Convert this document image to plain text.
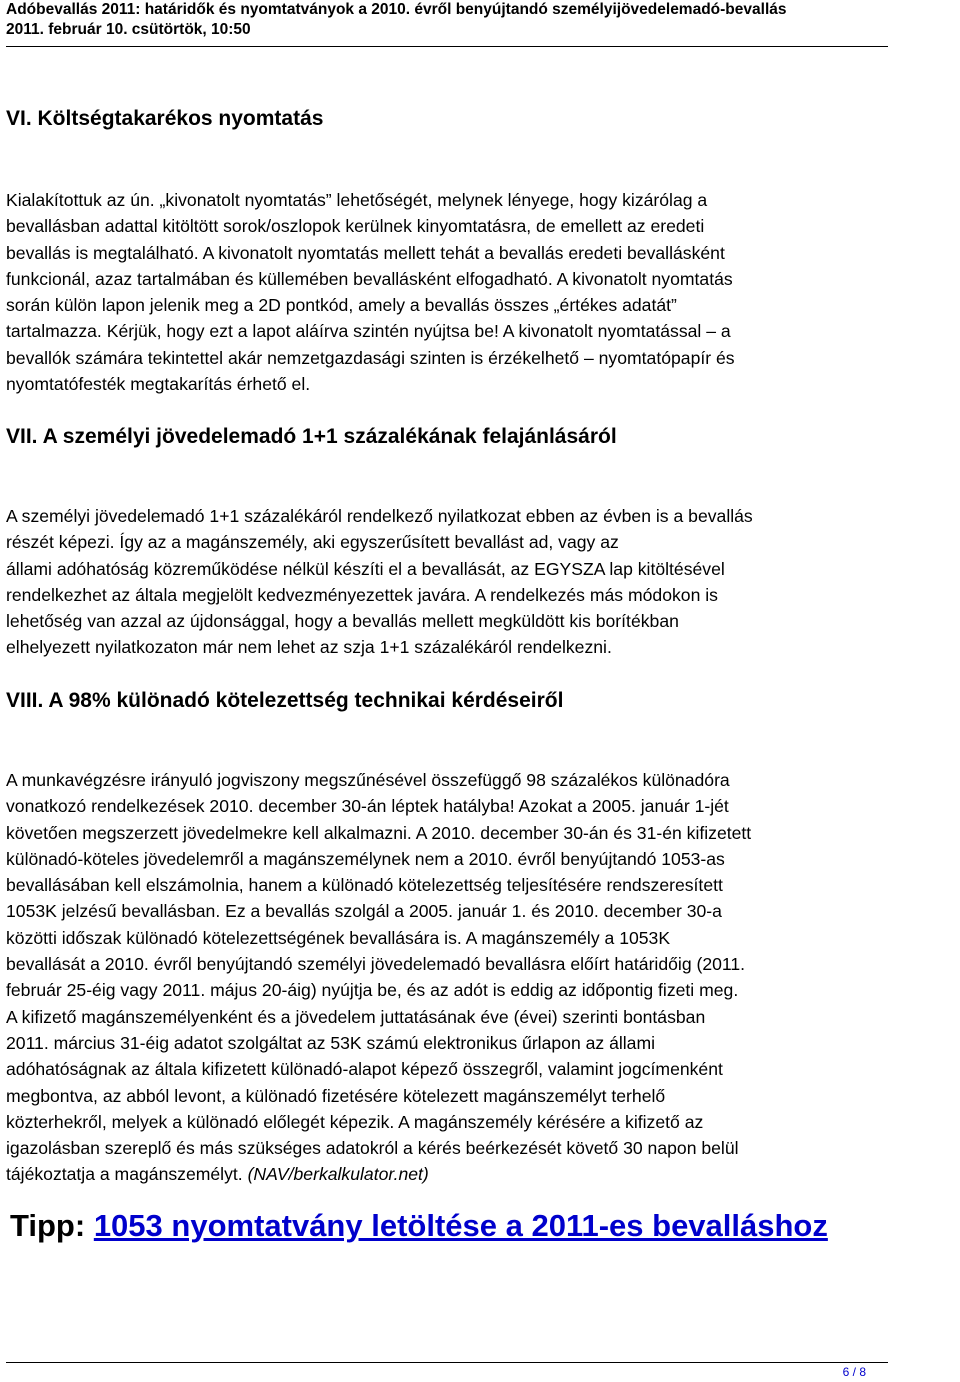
Adóbevallás 2011: határidők és nyomtatványok a 2010. évről benyújtandó személyijövedelemadó-bevallás
2011. február 10. csütörtök, 10:50
VI. Költségtakarékos nyomtatás
Kialakítottuk az ún. „kivonatolt nyomtatás” lehetőségét, melynek lényege, hogy kizárólag a
bevallásban adattal kitöltött sorok/oszlopok kerülnek kinyomtatásra, de emellett az eredeti
bevallás is megtalálható. A kivonatolt nyomtatás mellett tehát a bevallás eredeti bevallásként
funkcionál, azaz tartalmában és küllemében bevallásként elfogadható. A kivonatolt nyomtatás
során külön lapon jelenik meg a 2D pontkód, amely a bevallás összes „értékes adatát”
tartalmazza. Kérjük, hogy ezt a lapot aláírva szintén nyújtsa be! A kivonatolt nyomtatással – a
bevallók számára tekintettel akár nemzetgazdasági szinten is érzékelhető – nyomtatópapír és
nyomtatófesték megtakarítás érhető el.
VII. A személyi jövedelemadó 1+1 százalékának felajánlásáról
A személyi jövedelemadó 1+1 százalékáról rendelkező nyilatkozat ebben az évben is a bevallás
részét képezi. Így az a magánszemély, aki egyszerűsített bevallást ad, vagy az
állami adóhatóság közreműködése nélkül készíti el a bevallását, az EGYSZA lap kitöltésével
rendelkezhet az általa megjelölt kedvezményezettek javára. A rendelkezés más módokon is
lehetőség van azzal az újdonsággal, hogy a bevallás mellett megküldött kis borítékban
elhelyezett nyilatkozaton már nem lehet az szja 1+1 százalékáról rendelkezni.
VIII. A 98% különadó kötelezettség technikai kérdéseiről
A munkavégzésre irányuló jogviszony megszűnésével összefüggő 98 százalékos különadóra
vonatkozó rendelkezések 2010. december 30-án léptek hatályba! Azokat a 2005. január 1-jét
követően megszerzett jövedelmekre kell alkalmazni. A 2010. december 30-án és 31-én kifizetett
különadó-köteles jövedelemről a magánszemélynek nem a 2010. évről benyújtandó 1053-as
bevallásában kell elszámolnia, hanem a különadó kötelezettség teljesítésére rendszeresített
1053K jelzésű bevallásban. Ez a bevallás szolgál a 2005. január 1. és 2010. december 30-a
közötti időszak különadó kötelezettségének bevallására is. A magánszemély a 1053K
bevallását a 2010. évről benyújtandó személyi jövedelemadó bevallásra előírt határidőig (2011.
február 25-éig vagy 2011. május 20-áig) nyújtja be, és az adót is eddig az időpontig fizeti meg.
A kifizető magánszemélyenként és a jövedelem juttatásának éve (évei) szerinti bontásban
2011. március 31-éig adatot szolgáltat az 53K számú elektronikus űrlapon az állami
adóhatóságnak az általa kifizetett különadó-alapot képező összegről, valamint jogcímenként
megbontva, az abból levont, a különadó fizetésére kötelezett magánszemélyt terhelő
közterhekről, melyek a különadó előlegét képezik. A magánszemély kérésére a kifizető az
igazolásban szereplő és más szükséges adatokról a kérés beérkezését követő 30 napon belül
tájékoztatja a magánszemélyt. (NAV/berkalkulator.net)
Tipp: 1053 nyomtatvány letöltése a 2011-es bevalláshoz
6 / 8
